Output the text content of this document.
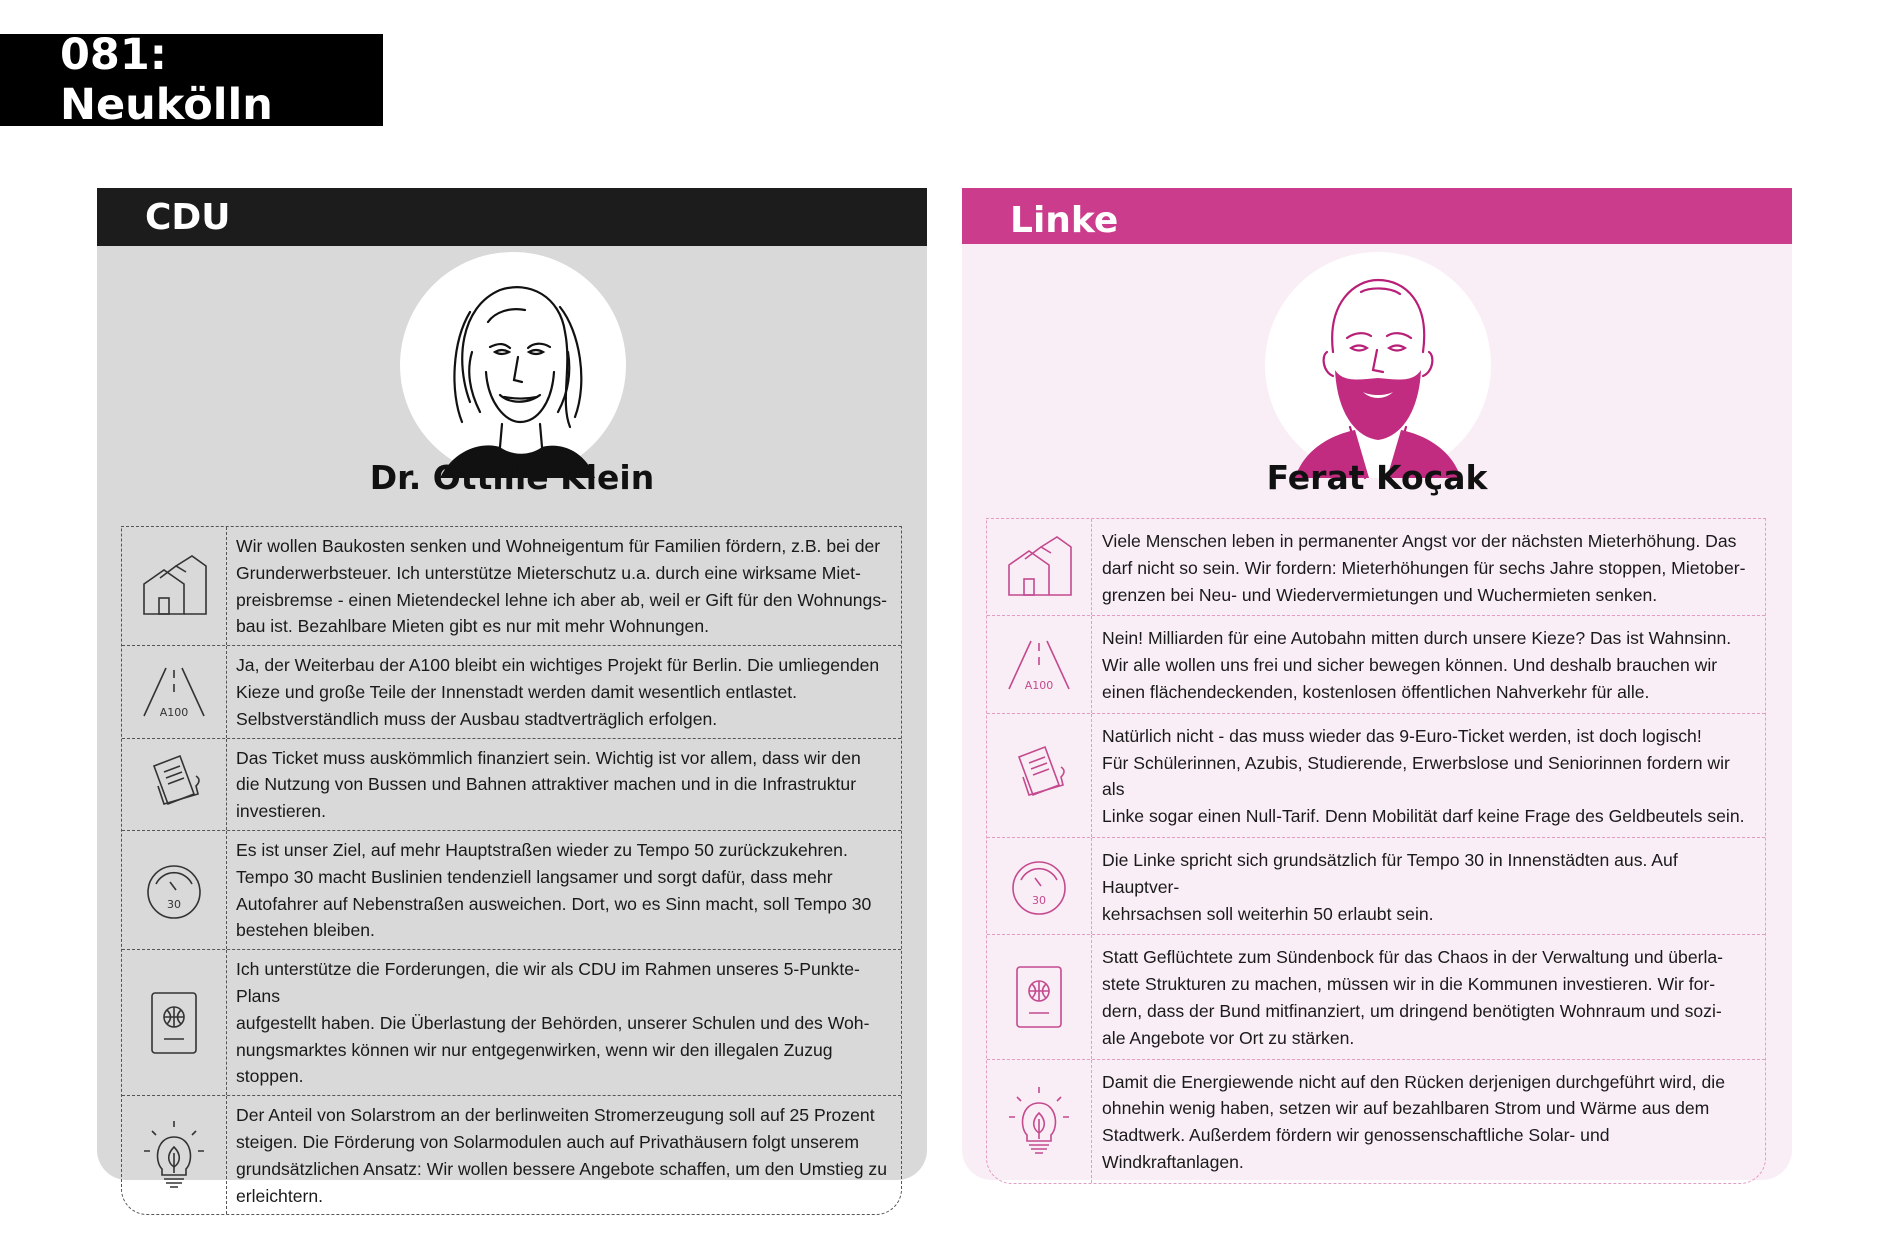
081: Neukölln
CDU
Dr. Ottilie Klein
Wir wollen Baukosten senken und Wohneigentum für Familien fördern, z.B. bei der
Grunderwerbsteuer. Ich unterstütze Mieterschutz u.a. durch eine wirksame Miet-
preisbremse - einen Mietendeckel lehne ich aber ab, weil er Gift für den Wohnungs-
bau ist. Bezahlbare Mieten gibt es nur mit mehr Wohnungen.
A100
Ja, der Weiterbau der A100 bleibt ein wichtiges Projekt für Berlin. Die umliegenden
Kieze und große Teile der Innenstadt werden damit wesentlich entlastet.
Selbstverständlich muss der Ausbau stadtverträglich erfolgen.
Das Ticket muss auskömmlich finanziert sein. Wichtig ist vor allem, dass wir den
die Nutzung von Bussen und Bahnen attraktiver machen und in die Infrastruktur
investieren.
30
Es ist unser Ziel, auf mehr Hauptstraßen wieder zu Tempo 50 zurückzukehren.
Tempo 30 macht Buslinien tendenziell langsamer und sorgt dafür, dass mehr
Autofahrer auf Nebenstraßen ausweichen. Dort, wo es Sinn macht, soll Tempo 30
bestehen bleiben.
Ich unterstütze die Forderungen, die wir als CDU im Rahmen unseres 5-Punkte-Plans
aufgestellt haben. Die Überlastung der Behörden, unserer Schulen und des Woh-
nungsmarktes können wir nur entgegenwirken, wenn wir den illegalen Zuzug stoppen.
Der Anteil von Solarstrom an der berlinweiten Stromerzeugung soll auf 25 Prozent
steigen. Die Förderung von Solarmodulen auch auf Privathäusern folgt unserem
grundsätzlichen Ansatz: Wir wollen bessere Angebote schaffen, um den Umstieg zu
erleichtern.
Linke
Ferat Koçak
Viele Menschen leben in permanenter Angst vor der nächsten Mieterhöhung. Das
darf nicht so sein. Wir fordern: Mieterhöhungen für sechs Jahre stoppen, Mietober-
grenzen bei Neu- und Wiedervermietungen und Wuchermieten senken.
A100
Nein! Milliarden für eine Autobahn mitten durch unsere Kieze? Das ist Wahnsinn.
Wir alle wollen uns frei und sicher bewegen können. Und deshalb brauchen wir
einen flächendeckenden, kostenlosen öffentlichen Nahverkehr für alle.
Natürlich nicht - das muss wieder das 9-Euro-Ticket werden, ist doch logisch!
Für Schülerinnen, Azubis, Studierende, Erwerbslose und Seniorinnen fordern wir als
Linke sogar einen Null-Tarif. Denn Mobilität darf keine Frage des Geldbeutels sein.
30
Die Linke spricht sich grundsätzlich für Tempo 30 in Innenstädten aus. Auf Hauptver-
kehrsachsen soll weiterhin 50 erlaubt sein.
Statt Geflüchtete zum Sündenbock für das Chaos in der Verwaltung und überla-
stete Strukturen zu machen, müssen wir in die Kommunen investieren. Wir for-
dern, dass der Bund mitfinanziert, um dringend benötigten Wohnraum und sozi-
ale Angebote vor Ort zu stärken.
Damit die Energiewende nicht auf den Rücken derjenigen durchgeführt wird, die
ohnehin wenig haben, setzen wir auf bezahlbaren Strom und Wärme aus dem
Stadtwerk. Außerdem fördern wir genossenschaftliche Solar- und Windkraftanlagen.
